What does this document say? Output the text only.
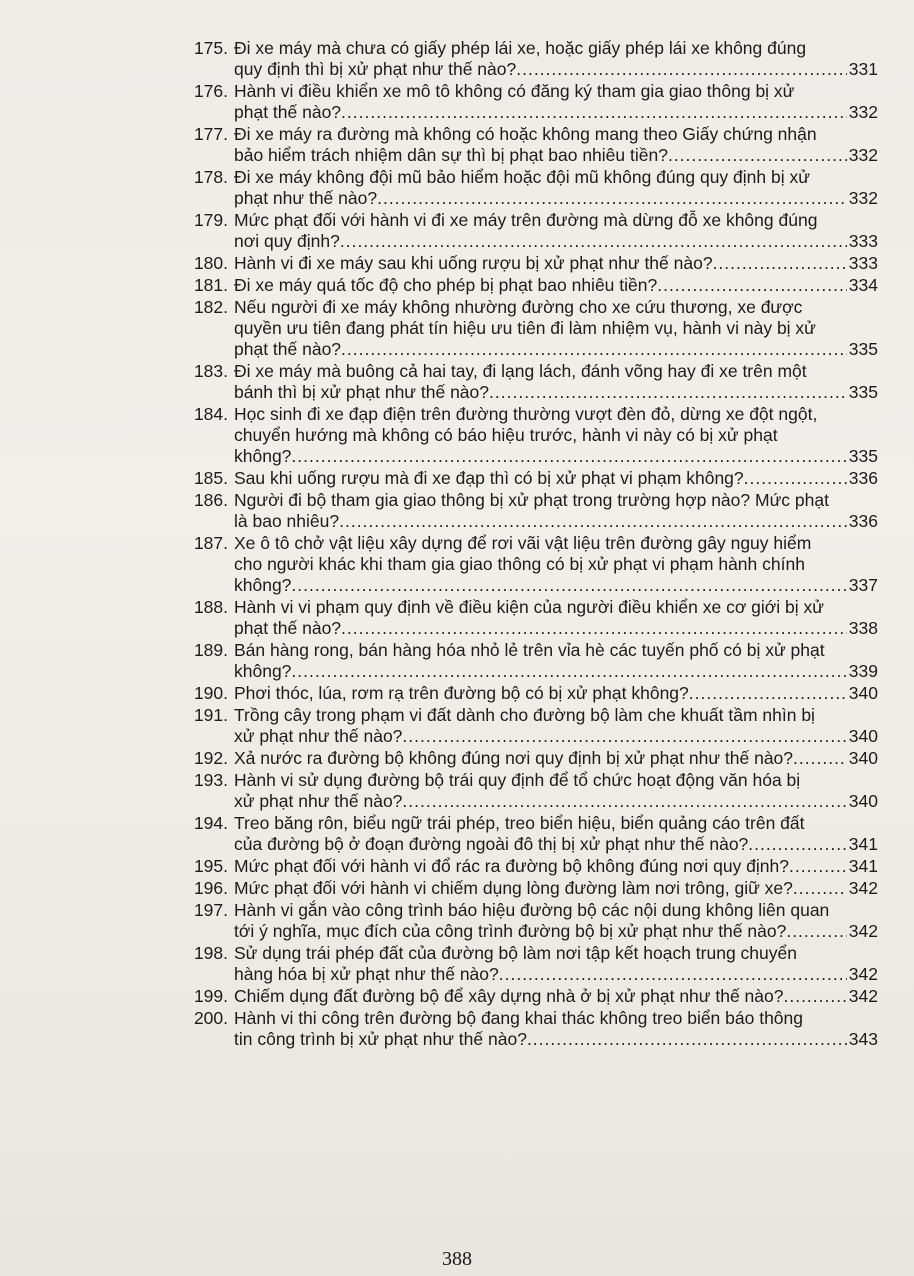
175. Đi xe máy mà chưa có giấy phép lái xe, hoặc giấy phép lái xe không đúng
quy định thì bị xử phạt như thế nào? .....	331
176. Hành vi điều khiển xe mô tô không có đăng ký tham gia giao thông bị xử
phạt thế nào? .....	332
177. Đi xe máy ra đường mà không có hoặc không mang theo Giấy chứng nhận
bảo hiểm trách nhiệm dân sự thì bị phạt bao nhiêu tiền? .....	332
178. Đi xe máy không đội mũ bảo hiểm hoặc đội mũ không đúng quy định bị xử
phạt như thế nào? .....	332
179. Mức phạt đối với hành vi đi xe máy trên đường mà dừng đỗ xe không đúng
nơi quy định? .....	333
180. Hành vi đi xe máy sau khi uống rượu bị xử phạt như thế nào? .....	333
181. Đi xe máy quá tốc độ cho phép bị phạt bao nhiêu tiền? .....	334
182. Nếu người đi xe máy không nhường đường cho xe cứu thương, xe được
quyền ưu tiên đang phát tín hiệu ưu tiên đi làm nhiệm vụ, hành vi này bị xử
phạt thế nào? .....	335
183. Đi xe máy mà buông cả hai tay, đi lạng lách, đánh võng hay đi xe trên một
bánh thì bị xử phạt như thế nào? .....	335
184. Học sinh đi xe đạp điện trên đường thường vượt đèn đỏ, dừng xe đột ngột,
chuyển hướng mà không có báo hiệu trước, hành vi này có bị xử phạt
không? .....	335
185. Sau khi uống rượu mà đi xe đạp thì có bị xử phạt vi phạm không? .....	336
186. Người đi bộ tham gia giao thông bị xử phạt trong trường hợp nào? Mức phạt
là bao nhiêu? .....	336
187. Xe ô tô chở vật liệu xây dựng để rơi vãi vật liệu trên đường gây nguy hiểm
cho người khác khi tham gia giao thông có bị xử phạt vi phạm hành chính
không? .....	337
188. Hành vi vi phạm quy định về điều kiện của người điều khiển xe cơ giới bị xử
phạt thế nào? .....	338
189. Bán hàng rong, bán hàng hóa nhỏ lẻ trên vỉa hè các tuyến phố có bị xử phạt
không? .....	339
190. Phơi thóc, lúa, rơm rạ trên đường bộ có bị xử phạt không? .....	340
191. Trồng cây trong phạm vi đất dành cho đường bộ làm che khuất tầm nhìn bị
xử phạt như thế nào? .....	340
192. Xả nước ra đường bộ không đúng nơi quy định bị xử phạt như thế nào? .....	340
193. Hành vi sử dụng đường bộ trái quy định để tổ chức hoạt động văn hóa bị
xử phạt như thế nào? .....	340
194. Treo băng rôn, biểu ngữ trái phép, treo biển hiệu, biển quảng cáo trên đất
của đường bộ ở đoạn đường ngoài đô thị bị xử phạt như thế nào? .....	341
195. Mức phạt đối với hành vi đổ rác ra đường bộ không đúng nơi quy định? .....	341
196. Mức phạt đối với hành vi chiếm dụng lòng đường làm nơi trông, giữ xe? .....	342
197. Hành vi gắn vào công trình báo hiệu đường bộ các nội dung không liên quan
tới ý nghĩa, mục đích của công trình đường bộ bị xử phạt như thế nào? .....	342
198. Sử dụng trái phép đất của đường bộ làm nơi tập kết hoạch trung chuyển
hàng hóa bị xử phạt như thế nào? .....	342
199. Chiếm dụng đất đường bộ để xây dựng nhà ở bị xử phạt như thế nào? .....	342
200. Hành vi thi công trên đường bộ đang khai thác không treo biển báo thông
tin công trình bị xử phạt như thế nào? .....	343
388
